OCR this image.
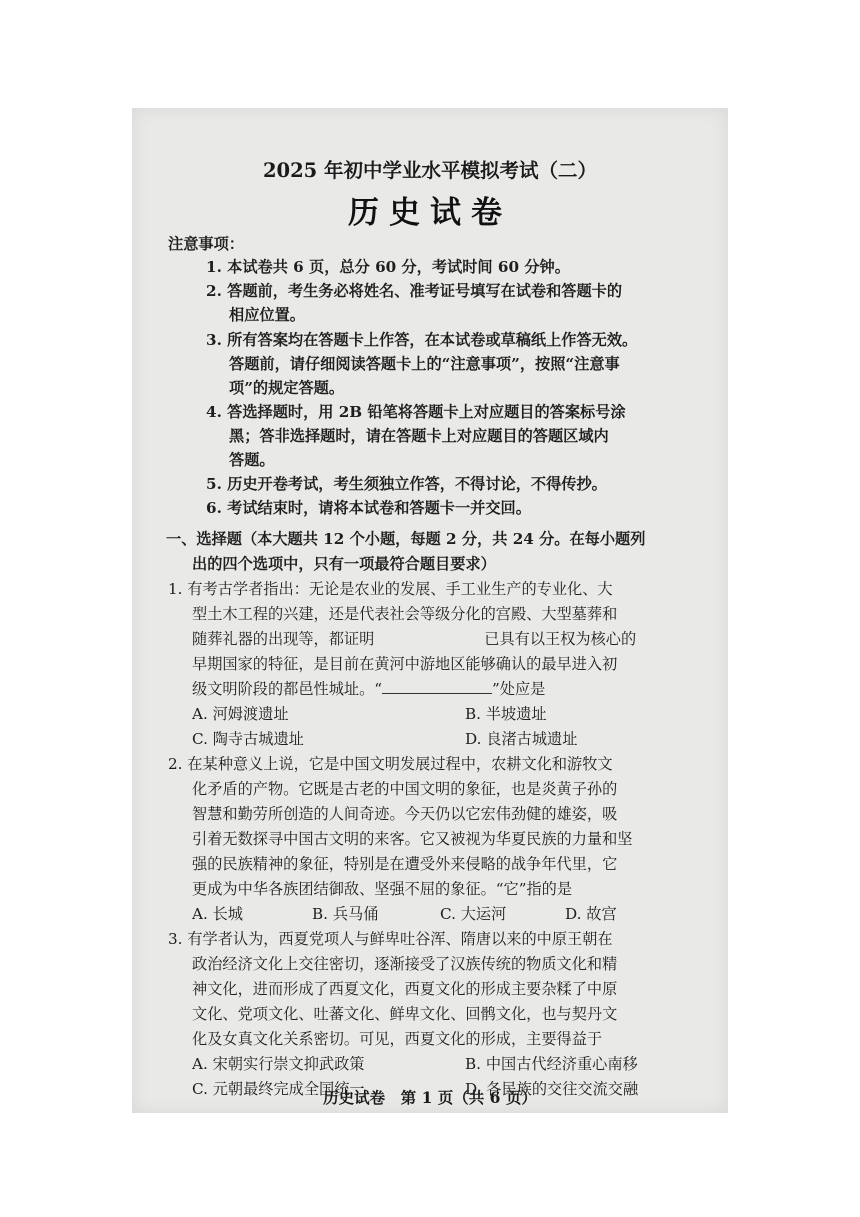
2025 年初中学业水平模拟考试（二）
历史试卷
注意事项：
1. 本试卷共 6 页，总分 60 分，考试时间 60 分钟。
2. 答题前，考生务必将姓名、准考证号填写在试卷和答题卡的
相应位置。
3. 所有答案均在答题卡上作答，在本试卷或草稿纸上作答无效。
答题前，请仔细阅读答题卡上的“注意事项”，按照“注意事
项”的规定答题。
4. 答选择题时，用 2B 铅笔将答题卡上对应题目的答案标号涂
黑；答非选择题时，请在答题卡上对应题目的答题区域内
答题。
5. 历史开卷考试，考生须独立作答，不得讨论，不得传抄。
6. 考试结束时，请将本试卷和答题卡一并交回。
一、选择题（本大题共 12 个小题，每题 2 分，共 24 分。在每小题列
出的四个选项中，只有一项最符合题目要求）
1. 有考古学者指出：无论是农业的发展、手工业生产的专业化、大
型土木工程的兴建，还是代表社会等级分化的宫殿、大型墓葬和
随葬礼器的出现等，都证明	已具有以王权为核心的
早期国家的特征，是目前在黄河中游地区能够确认的最早进入初
级文明阶段的都邑性城址。“	”处应是
A. 河姆渡遗址	B. 半坡遗址
C. 陶寺古城遗址	D. 良渚古城遗址
2. 在某种意义上说，它是中国文明发展过程中，农耕文化和游牧文
化矛盾的产物。它既是古老的中国文明的象征，也是炎黄子孙的
智慧和勤劳所创造的人间奇迹。今天仍以它宏伟劲健的雄姿，吸
引着无数探寻中国古文明的来客。它又被视为华夏民族的力量和坚
强的民族精神的象征，特别是在遭受外来侵略的战争年代里，它
更成为中华各族团结御敌、坚强不屈的象征。“它”指的是
A. 长城	B. 兵马俑	C. 大运河	D. 故宫
3. 有学者认为，西夏党项人与鲜卑吐谷浑、隋唐以来的中原王朝在
政治经济文化上交往密切，逐渐接受了汉族传统的物质文化和精
神文化，进而形成了西夏文化，西夏文化的形成主要杂糅了中原
文化、党项文化、吐蕃文化、鲜卑文化、回鹘文化，也与契丹文
化及女真文化关系密切。可见，西夏文化的形成，主要得益于
A. 宋朝实行崇文抑武政策	B. 中国古代经济重心南移
C. 元朝最终完成全国统一	D. 各民族的交往交流交融
历史试卷　第 1 页（共 6 页）
